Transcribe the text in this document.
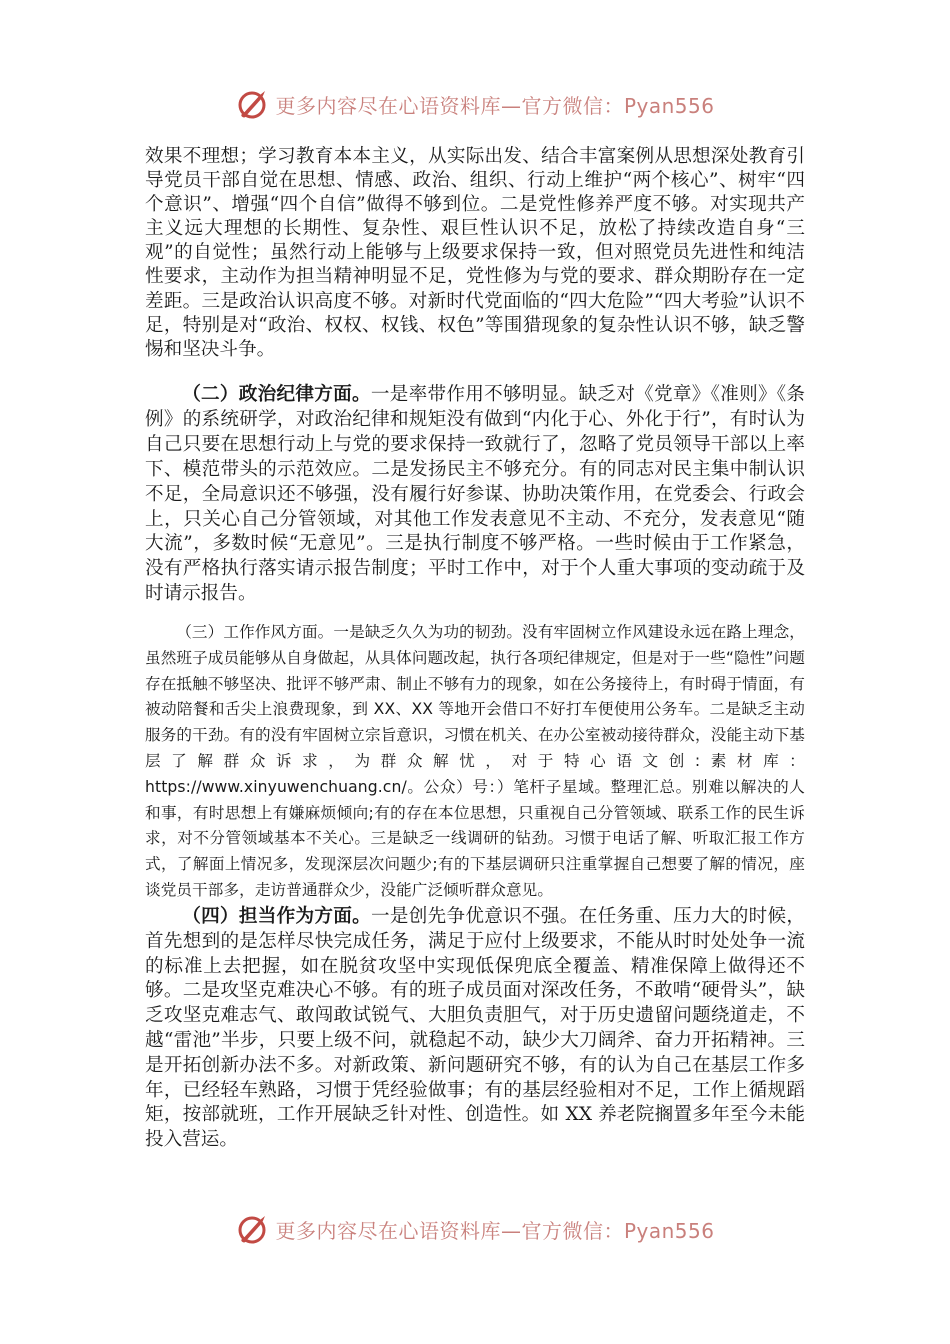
更多内容尽在心语资料库—官方微信：Pyan556

效果不理想；学习教育本本主义，从实际出发、结合丰富案例从思想深处教育引导党员干部自觉在思想、情感、政治、组织、行动上维护“两个核心”、树牢“四个意识”、增强“四个自信”做得不够到位。二是党性修养严度不够。对实现共产主义远大理想的长期性、复杂性、艰巨性认识不足，放松了持续改造自身“三观”的自觉性；虽然行动上能够与上级要求保持一致，但对照党员先进性和纯洁性要求，主动作为担当精神明显不足，党性修为与党的要求、群众期盼存在一定差距。三是政治认识高度不够。对新时代党面临的“四大危险”“四大考验”认识不足，特别是对“政治、权权、权钱、权色”等围猎现象的复杂性认识不够，缺乏警惕和坚决斗争。

（二）政治纪律方面。一是率带作用不够明显。缺乏对《党章》《准则》《条例》的系统研学，对政治纪律和规矩没有做到“内化于心、外化于行”，有时认为自己只要在思想行动上与党的要求保持一致就行了，忽略了党员领导干部以上率下、模范带头的示范效应。二是发扬民主不够充分。有的同志对民主集中制认识不足，全局意识还不够强，没有履行好参谋、协助决策作用，在党委会、行政会上，只关心自己分管领域，对其他工作发表意见不主动、不充分，发表意见“随大流”，多数时候“无意见”。三是执行制度不够严格。一些时候由于工作紧急，没有严格执行落实请示报告制度；平时工作中，对于个人重大事项的变动疏于及时请示报告。

（三）工作作风方面。一是缺乏久久为功的韧劲。没有牢固树立作风建设永远在路上理念，虽然班子成员能够从自身做起，从具体问题改起，执行各项纪律规定，但是对于一些“隐性”问题存在抵触不够坚决、批评不够严肃、制止不够有力的现象，如在公务接待上，有时碍于情面，有被动陪餐和舌尖上浪费现象，到 XX、XX 等地开会借口不好打车便使用公务车。二是缺乏主动服务的干劲。有的没有牢固树立宗旨意识，习惯在机关、在办公室被动接待群众，没能主动下基层了解群众诉求，为群众解忧，对于特心语文创:素材库：https://www.xinyuwenchuang.cn/。公众）号：）笔杆子星域。整理汇总。别难以解决的人和事，有时思想上有嫌麻烦倾向;有的存在本位思想，只重视自己分管领域、联系工作的民生诉求，对不分管领域基本不关心。三是缺乏一线调研的钻劲。习惯于电话了解、听取汇报工作方式，了解面上情况多，发现深层次问题少;有的下基层调研只注重掌握自己想要了解的情况，座谈党员干部多，走访普通群众少，没能广泛倾听群众意见。

（四）担当作为方面。一是创先争优意识不强。在任务重、压力大的时候，首先想到的是怎样尽快完成任务，满足于应付上级要求，不能从时时处处争一流的标准上去把握，如在脱贫攻坚中实现低保兜底全覆盖、精准保障上做得还不够。二是攻坚克难决心不够。有的班子成员面对深改任务，不敢啃“硬骨头”，缺乏攻坚克难志气、敢闯敢试锐气、大胆负责胆气，对于历史遗留问题绕道走，不越“雷池”半步，只要上级不问，就稳起不动，缺少大刀阔斧、奋力开拓精神。三是开拓创新办法不多。对新政策、新问题研究不够，有的认为自己在基层工作多年，已经轻车熟路，习惯于凭经验做事；有的基层经验相对不足，工作上循规蹈矩，按部就班，工作开展缺乏针对性、创造性。如 XX 养老院搁置多年至今未能投入营运。

更多内容尽在心语资料库—官方微信：Pyan556
